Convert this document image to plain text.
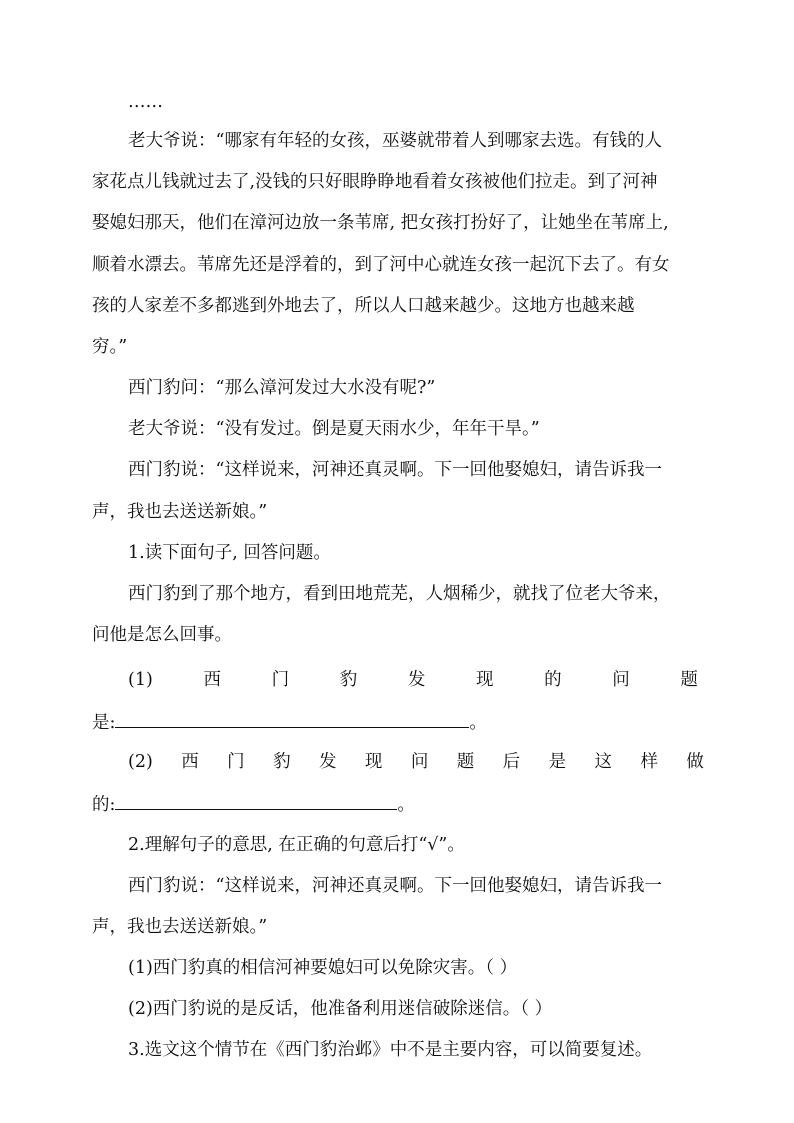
……
老大爷说：“哪家有年轻的女孩，巫婆就带着人到哪家去选。有钱的人
家花点儿钱就过去了,没钱的只好眼睁睁地看着女孩被他们拉走。到了河神
娶媳妇那天，他们在漳河边放一条苇席, 把女孩打扮好了，让她坐在苇席上,
顺着水漂去。苇席先还是浮着的，到了河中心就连女孩一起沉下去了。有女
孩的人家差不多都逃到外地去了，所以人口越来越少。这地方也越来越
穷。”
西门豹问：“那么漳河发过大水没有呢?”
老大爷说：“没有发过。倒是夏天雨水少，年年干旱。”
西门豹说：“这样说来，河神还真灵啊。下一回他娶媳妇，请告诉我一
声，我也去送送新娘。”
1.读下面句子, 回答问题。
西门豹到了那个地方，看到田地荒芜，人烟稀少，就找了位老大爷来，
问他是怎么回事。
(1)	西	门	豹	发	现	的	问	题
是:	。
(2) 西 门 豹 发 现 问 题 后 是 这 样 做
的:	。
2.理解句子的意思, 在正确的句意后打“√”。
西门豹说：“这样说来，河神还真灵啊。下一回他娶媳妇，请告诉我一
声，我也去送送新娘。”
(1)西门豹真的相信河神要媳妇可以免除灾害。（ ）
(2)西门豹说的是反话，他准备利用迷信破除迷信。（ ）
3.选文这个情节在《西门豹治邺》中不是主要内容，可以简要复述。
